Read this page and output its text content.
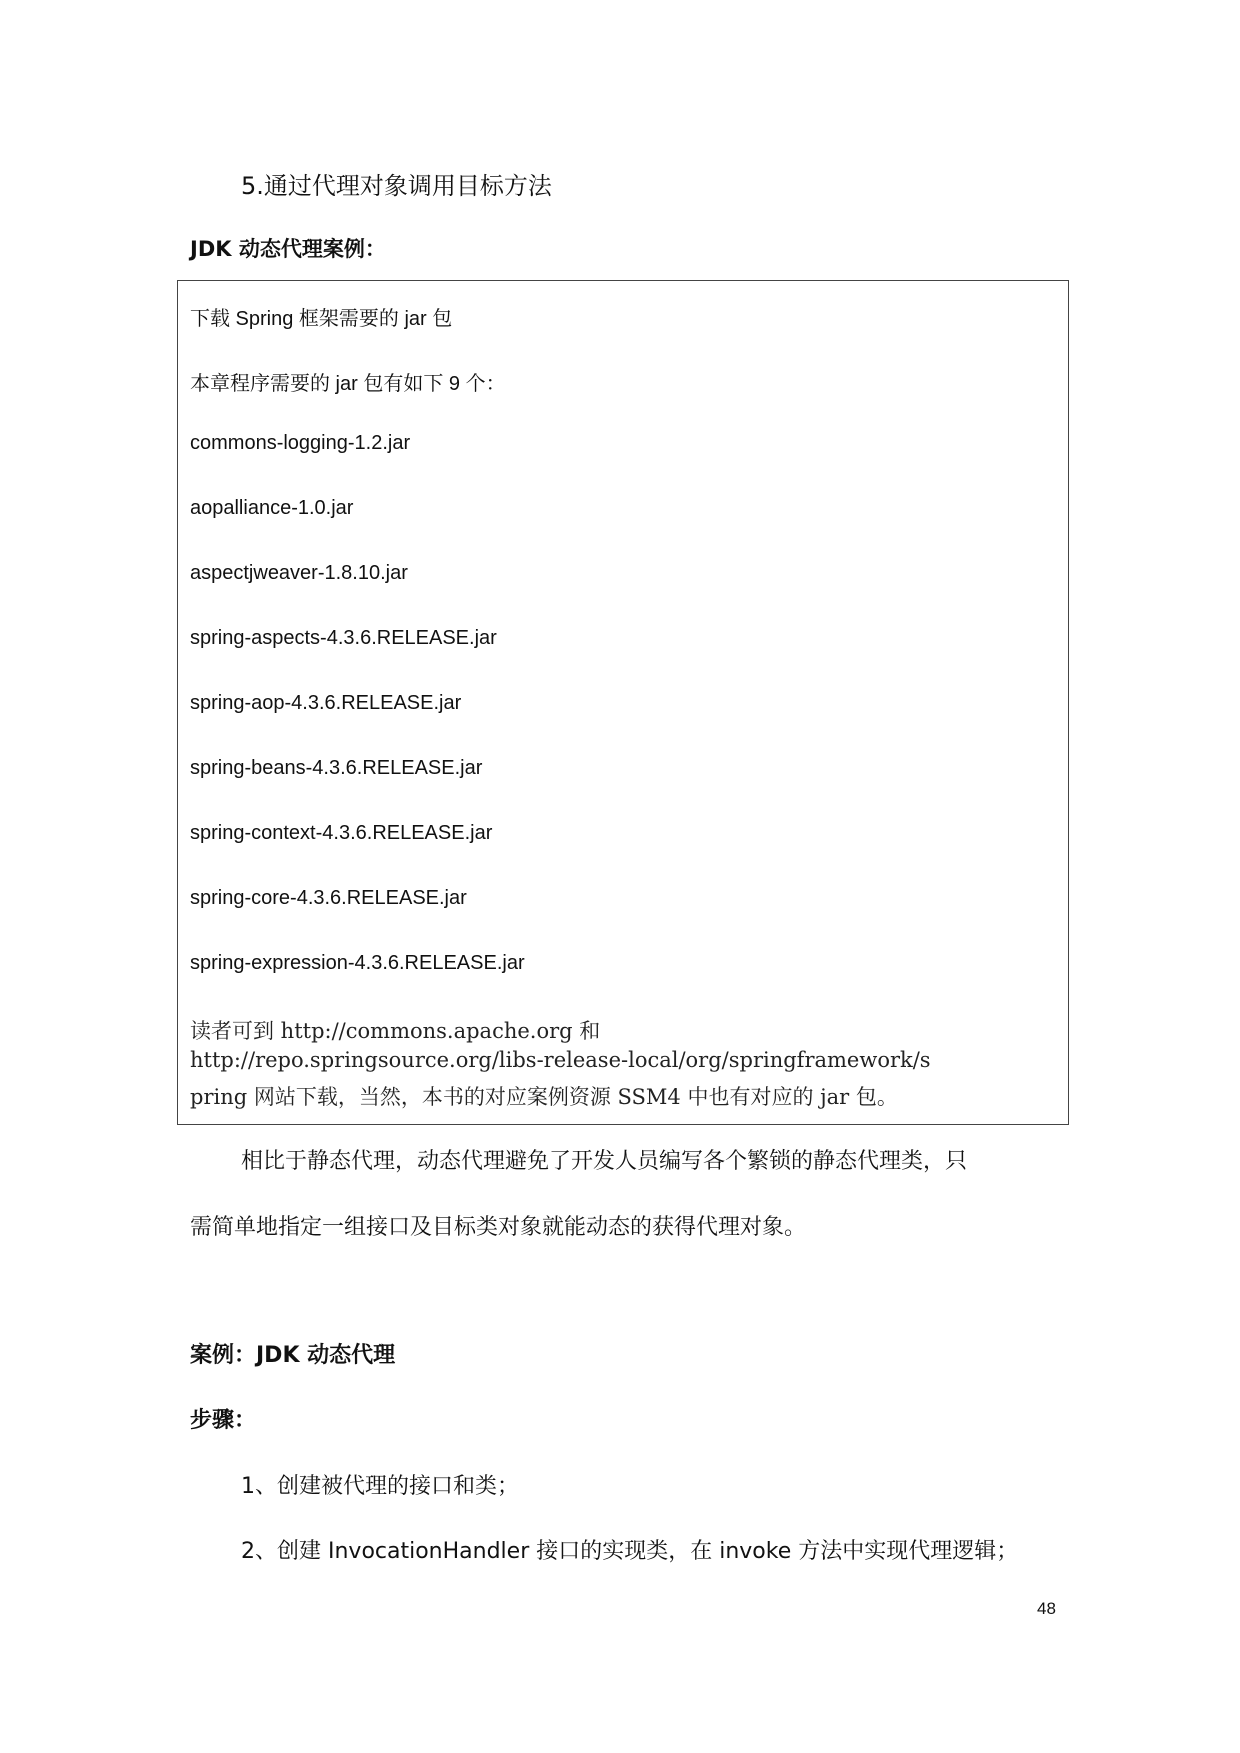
5.通过代理对象调用目标方法
JDK 动态代理案例：
下载 Spring 框架需要的 jar 包
本章程序需要的 jar 包有如下 9 个：
commons-logging-1.2.jar
aopalliance-1.0.jar
aspectjweaver-1.8.10.jar
spring-aspects-4.3.6.RELEASE.jar
spring-aop-4.3.6.RELEASE.jar
spring-beans-4.3.6.RELEASE.jar
spring-context-4.3.6.RELEASE.jar
spring-core-4.3.6.RELEASE.jar
spring-expression-4.3.6.RELEASE.jar
读者可到 http://commons.apache.org 和
http://repo.springsource.org/libs-release-local/org/springframework/s
pring 网站下载，当然，本书的对应案例资源 SSM4 中也有对应的 jar 包。
相比于静态代理，动态代理避免了开发人员编写各个繁锁的静态代理类，只
需简单地指定一组接口及目标类对象就能动态的获得代理对象。
案例：JDK 动态代理
步骤：
1、创建被代理的接口和类；
2、创建 InvocationHandler 接口的实现类，在 invoke 方法中实现代理逻辑；
48
